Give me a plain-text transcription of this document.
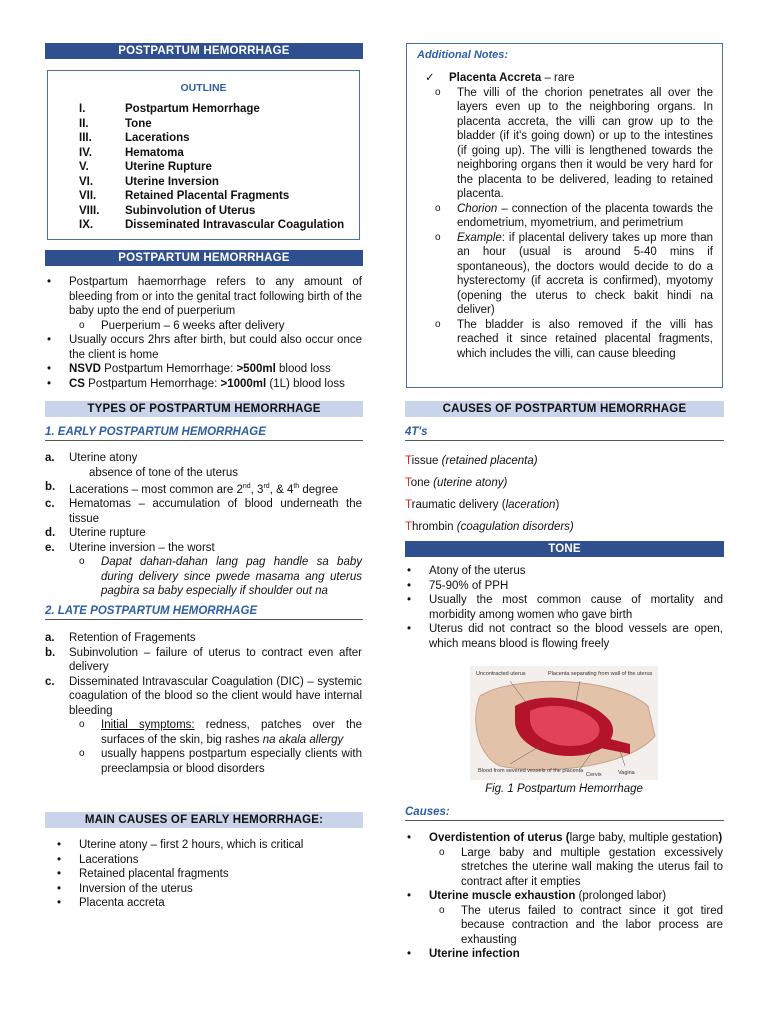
POSTPARTUM HEMORRHAGE
OUTLINE
I.	Postpartum Hemorrhage
II.	Tone
III.	Lacerations
IV.	Hematoma
V.	Uterine Rupture
VI.	Uterine Inversion
VII.	Retained Placental Fragments
VIII.	Subinvolution of Uterus
IX.	Disseminated Intravascular Coagulation
POSTPARTUM HEMORRHAGE
• Postpartum haemorrhage refers to any amount of bleeding from or into the genital tract following birth of the baby upto the end of puerperium
o Puerperium – 6 weeks after delivery
• Usually occurs 2hrs after birth, but could also occur once the client is home
• NSVD Postpartum Hemorrhage: >500ml blood loss
• CS Postpartum Hemorrhage: >1000ml (1L) blood loss
TYPES OF POSTPARTUM HEMORRHAGE
1. EARLY POSTPARTUM HEMORRHAGE
a.	Uterine atony
absence of tone of the uterus
b.	Lacerations – most common are 2nd, 3rd, & 4th degree
c.	Hematomas – accumulation of blood underneath the tissue
d.	Uterine rupture
e.	Uterine inversion – the worst
o Dapat dahan-dahan lang pag handle sa baby during delivery since pwede masama ang uterus pagbira sa baby especially if shoulder out na
2. LATE POSTPARTUM HEMORRHAGE
a.	Retention of Fragements
b.	Subinvolution – failure of uterus to contract even after delivery
c.	Disseminated Intravascular Coagulation (DIC) – systemic coagulation of the blood so the client would have internal bleeding
o Initial symptoms: redness, patches over the surfaces of the skin, big rashes na akala allergy
o usually happens postpartum especially clients with preeclampsia or blood disorders
MAIN CAUSES OF EARLY HEMORRHAGE:
• Uterine atony – first 2 hours, which is critical
• Lacerations
• Retained placental fragments
• Inversion of the uterus
• Placenta accreta
Additional Notes:
✓ Placenta Accreta – rare
o The villi of the chorion penetrates all over the layers even up to the neighboring organs. In placenta accreta, the villi can grow up to the bladder (if it's going down) or up to the intestines (if going up). The villi is lengthened towards the neighboring organs then it would be very hard for the placenta to be delivered, leading to retained placenta.
o Chorion – connection of the placenta towards the endometrium, myometrium, and perimetrium
o Example: if placental delivery takes up more than an hour (usual is around 5-40 mins if spontaneous), the doctors would decide to do a hysterectomy (if accreta is confirmed), myotomy (opening the uterus to check bakit hindi na deliver)
o The bladder is also removed if the villi has reached it since retained placental fragments, which includes the villi, can cause bleeding
CAUSES OF POSTPARTUM HEMORRHAGE
4T's
Tissue (retained placenta)
Tone (uterine atony)
Traumatic delivery (laceration)
Thrombin (coagulation disorders)
TONE
• Atony of the uterus
• 75-90% of PPH
• Usually the most common cause of mortality and morbidity among women who gave birth
• Uterus did not contract so the blood vessels are open, which means blood is flowing freely
Uncontracted uterus	Placenta separating from wall of the uterus
Blood from severed vessels of the placenta
Cervix	Vagina
Fig. 1 Postpartum Hemorrhage
Causes:
• Overdistention of uterus (large baby, multiple gestation)
o Large baby and multiple gestation excessively stretches the uterine wall making the uterus fail to contract after it empties
• Uterine muscle exhaustion (prolonged labor)
o The uterus failed to contract since it got tired because contraction and the labor process are exhausting
• Uterine infection
